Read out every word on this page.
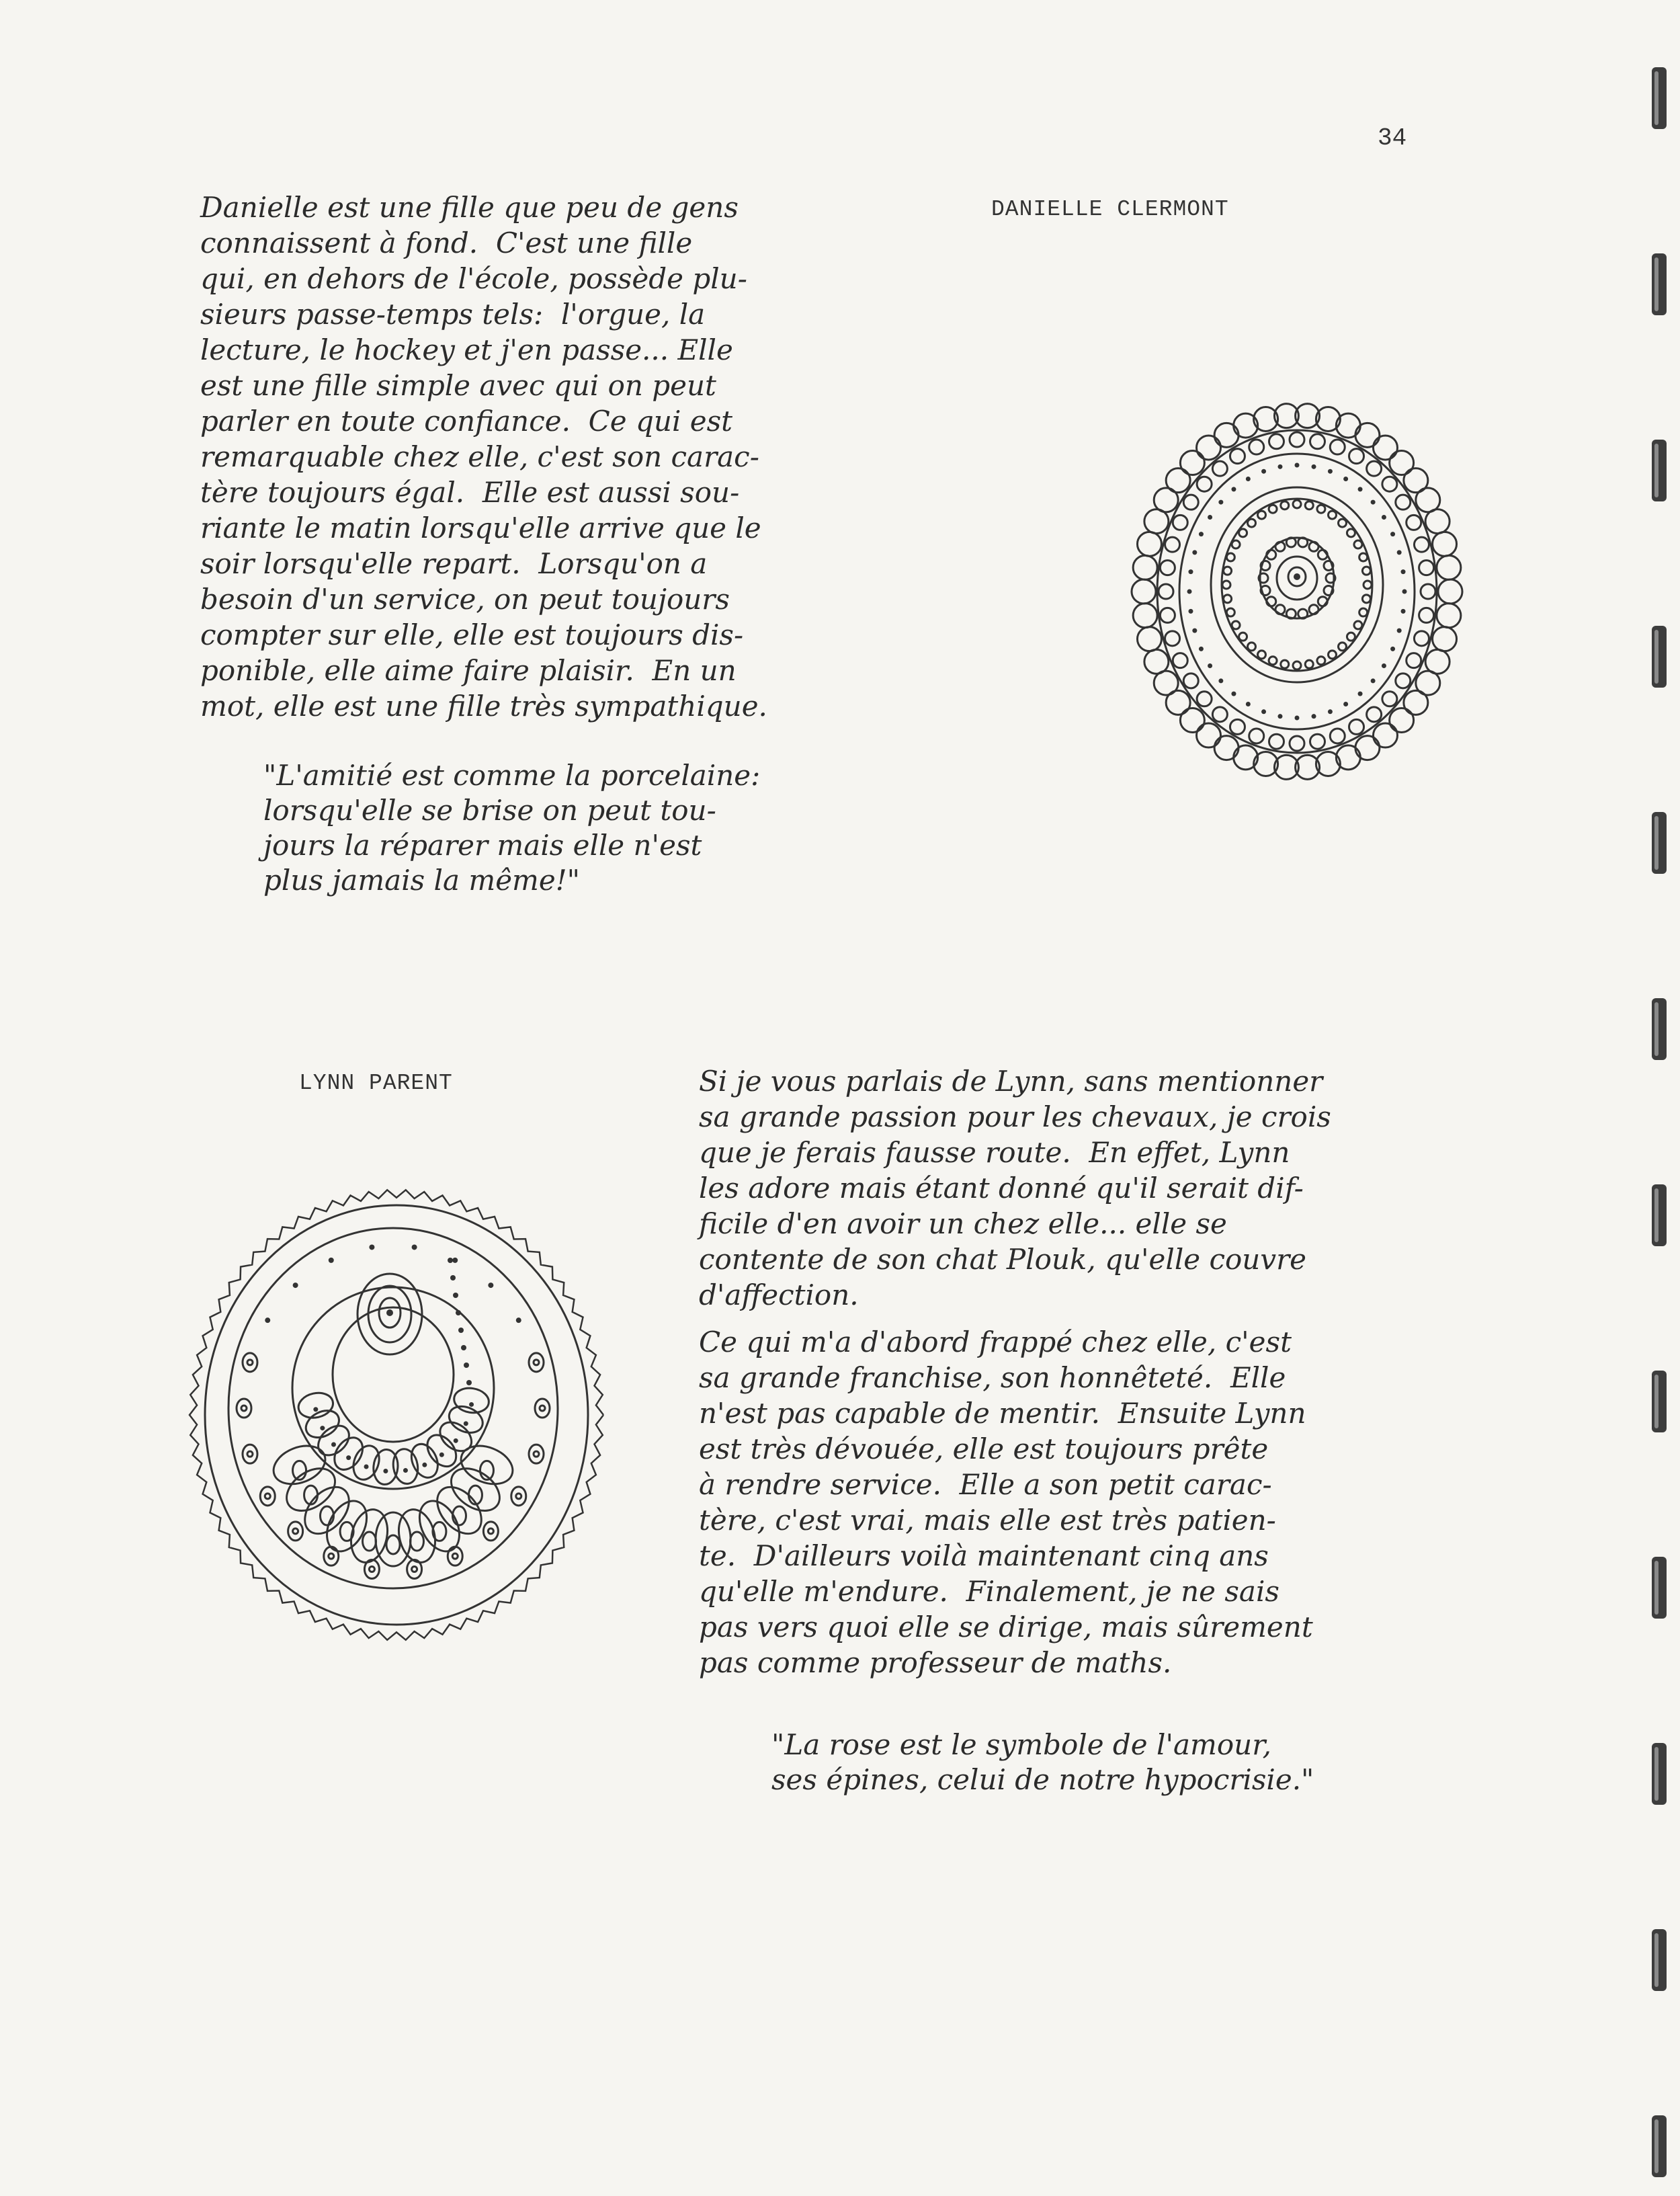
34
DANIELLE CLERMONT
Danielle est une fille que peu de gens
connaissent à fond.  C'est une fille
qui, en dehors de l'école, possède plu-
sieurs passe-temps tels:  l'orgue, la
lecture, le hockey et j'en passe... Elle
est une fille simple avec qui on peut
parler en toute confiance.  Ce qui est
remarquable chez elle, c'est son carac-
tère toujours égal.  Elle est aussi sou-
riante le matin lorsqu'elle arrive que le
soir lorsqu'elle repart.  Lorsqu'on a
besoin d'un service, on peut toujours
compter sur elle, elle est toujours dis-
ponible, elle aime faire plaisir.  En un
mot, elle est une fille très sympathique.
"L'amitié est comme la porcelaine:
lorsqu'elle se brise on peut tou-
jours la réparer mais elle n'est
plus jamais la même!"
LYNN PARENT	Si je vous parlais de Lynn, sans mentionner
sa grande passion pour les chevaux, je crois
que je ferais fausse route.  En effet, Lynn
les adore mais étant donné qu'il serait dif-
ficile d'en avoir un chez elle... elle se
contente de son chat Plouk, qu'elle couvre
d'affection.
Ce qui m'a d'abord frappé chez elle, c'est
sa grande franchise, son honnêteté.  Elle
n'est pas capable de mentir.  Ensuite Lynn
est très dévouée, elle est toujours prête
à rendre service.  Elle a son petit carac-
tère, c'est vrai, mais elle est très patien-
te.  D'ailleurs voilà maintenant cinq ans
qu'elle m'endure.  Finalement, je ne sais
pas vers quoi elle se dirige, mais sûrement
pas comme professeur de maths.
"La rose est le symbole de l'amour,
ses épines, celui de notre hypocrisie."
